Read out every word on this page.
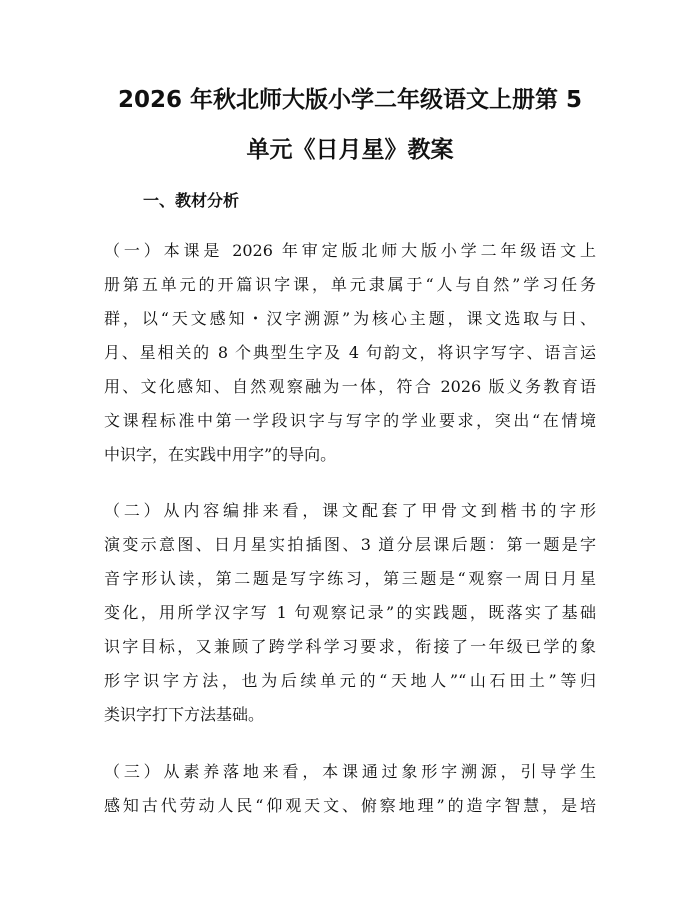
2026 年秋北师大版小学二年级语文上册第 5
单元《日月星》教案
一、教材分析
（一）本课是 2026 年审定版北师大版小学二年级语文上
册第五单元的开篇识字课，单元隶属于“人与自然”学习任务
群，以“天文感知・汉字溯源”为核心主题，课文选取与日、
月、星相关的 8 个典型生字及 4 句韵文，将识字写字、语言运
用、文化感知、自然观察融为一体，符合 2026 版义务教育语
文课程标准中第一学段识字与写字的学业要求，突出“在情境
中识字，在实践中用字”的导向。
（二）从内容编排来看，课文配套了甲骨文到楷书的字形
演变示意图、日月星实拍插图、3 道分层课后题：第一题是字
音字形认读，第二题是写字练习，第三题是“观察一周日月星
变化，用所学汉字写 1 句观察记录”的实践题，既落实了基础
识字目标，又兼顾了跨学科学习要求，衔接了一年级已学的象
形字识字方法，也为后续单元的“天地人”“山石田土”等归
类识字打下方法基础。
（三）从素养落地来看，本课通过象形字溯源，引导学生
感知古代劳动人民“仰观天文、俯察地理”的造字智慧，是培
